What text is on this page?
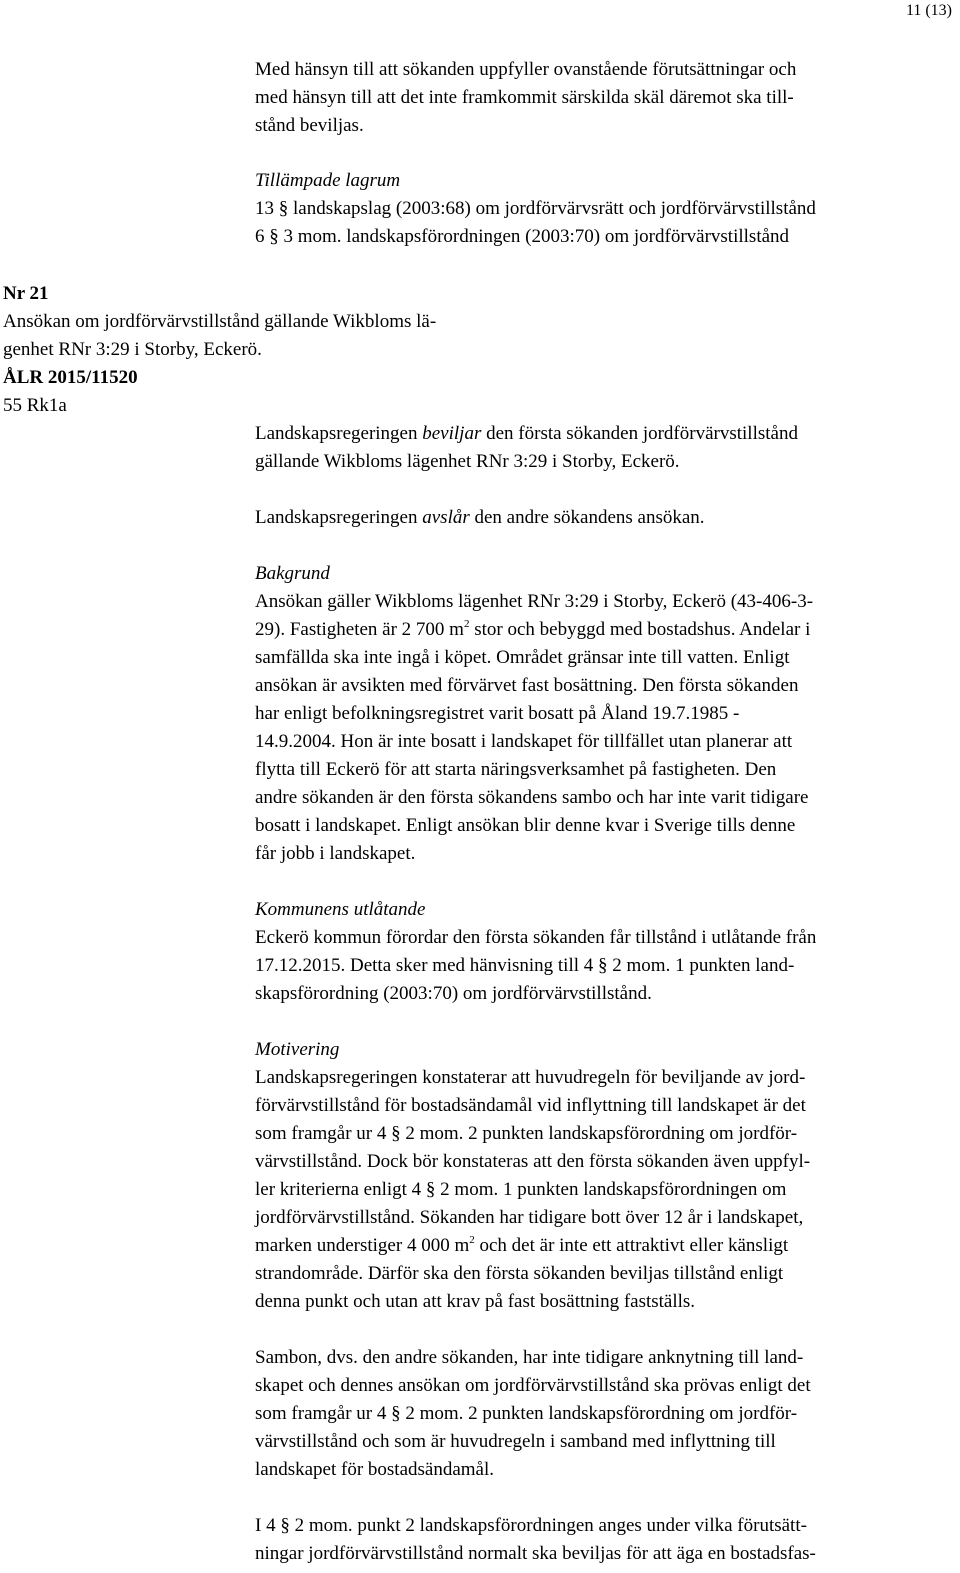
11 (13)
Med hänsyn till att sökanden uppfyller ovanstående förutsättningar och
med hänsyn till att det inte framkommit särskilda skäl däremot ska till-
stånd beviljas.
Tillämpade lagrum
13 § landskapslag (2003:68) om jordförvärvsrätt och jordförvärvstillstånd
6 § 3 mom. landskapsförordningen (2003:70) om jordförvärvstillstånd
Nr 21
Ansökan om jordförvärvstillstånd gällande Wikbloms lä-
genhet RNr 3:29 i Storby, Eckerö.
ÅLR 2015/11520
55 Rk1a
Landskapsregeringen beviljar den första sökanden jordförvärvstillstånd
gällande Wikbloms lägenhet RNr 3:29 i Storby, Eckerö.
Landskapsregeringen avslår den andre sökandens ansökan.
Bakgrund
Ansökan gäller Wikbloms lägenhet RNr 3:29 i Storby, Eckerö (43-406-3-
29). Fastigheten är 2 700 $m^2$ stor och bebyggd med bostadshus. Andelar i
samfällda ska inte ingå i köpet. Området gränsar inte till vatten. Enligt
ansökan är avsikten med förvärvet fast bosättning. Den första sökanden
har enligt befolkningsregistret varit bosatt på Åland 19.7.1985 -
14.9.2004. Hon är inte bosatt i landskapet för tillfället utan planerar att
flytta till Eckerö för att starta näringsverksamhet på fastigheten. Den
andre sökanden är den första sökandens sambo och har inte varit tidigare
bosatt i landskapet. Enligt ansökan blir denne kvar i Sverige tills denne
får jobb i landskapet.
Kommunens utlåtande
Eckerö kommun förordar den första sökanden får tillstånd i utlåtande från
17.12.2015. Detta sker med hänvisning till 4 § 2 mom. 1 punkten land-
skapsförordning (2003:70) om jordförvärvstillstånd.
Motivering
Landskapsregeringen konstaterar att huvudregeln för beviljande av jord-
förvärvstillstånd för bostadsändamål vid inflyttning till landskapet är det
som framgår ur 4 § 2 mom. 2 punkten landskapsförordning om jordför-
värvstillstånd. Dock bör konstateras att den första sökanden även uppfyl-
ler kriterierna enligt 4 § 2 mom. 1 punkten landskapsförordningen om
jordförvärvstillstånd. Sökanden har tidigare bott över 12 år i landskapet,
marken understiger 4 000 $m^2$ och det är inte ett attraktivt eller känsligt
strandområde. Därför ska den första sökanden beviljas tillstånd enligt
denna punkt och utan att krav på fast bosättning fastställs.
Sambon, dvs. den andre sökanden, har inte tidigare anknytning till land-
skapet och dennes ansökan om jordförvärvstillstånd ska prövas enligt det
som framgår ur 4 § 2 mom. 2 punkten landskapsförordning om jordför-
värvstillstånd och som är huvudregeln i samband med inflyttning till
landskapet för bostadsändamål.
I 4 § 2 mom. punkt 2 landskapsförordningen anges under vilka förutsätt-
ningar jordförvärvstillstånd normalt ska beviljas för att äga en bostadsfas-
